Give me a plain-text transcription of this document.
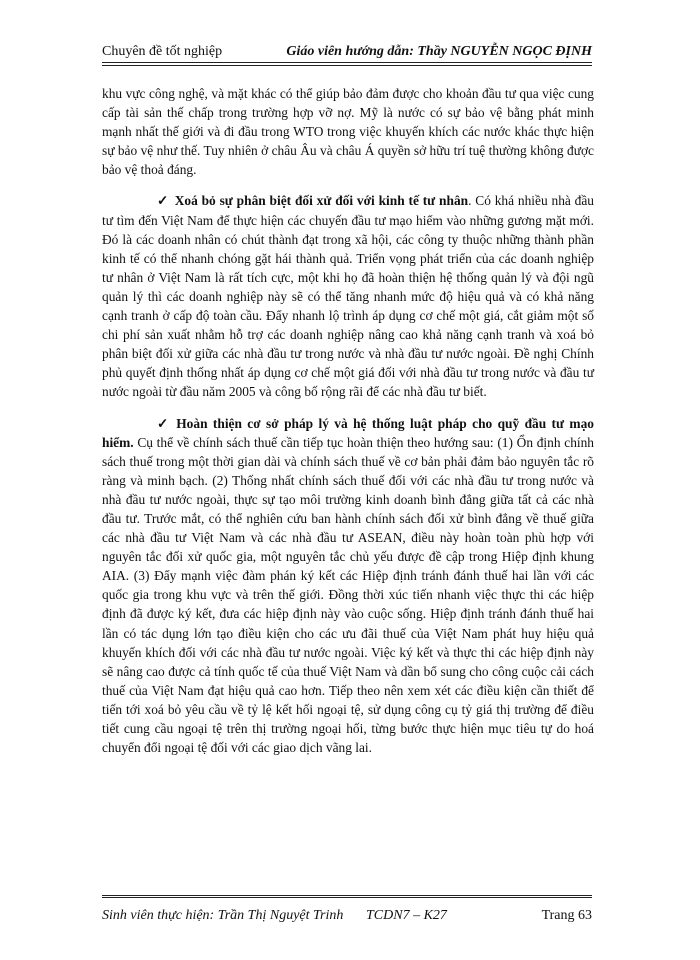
Chuyên đề tốt nghiệp	Giáo viên hướng dẫn: Thầy NGUYỄN NGỌC ĐỊNH

khu vực công nghệ, và mặt khác có thể giúp bảo đảm được cho khoản đầu tư qua việc cung cấp tài sản thế chấp trong trường hợp vỡ nợ. Mỹ là nước có sự bảo vệ bằng phát minh mạnh nhất thế giới và đi đầu trong WTO trong việc khuyến khích các nước khác thực hiện sự bảo vệ như thế. Tuy nhiên ở châu Âu và châu Á quyền sở hữu trí tuệ thường không được bảo vệ thoả đáng.

✓ Xoá bỏ sự phân biệt đối xử đối với kinh tế tư nhân. Có khá nhiều nhà đầu tư tìm đến Việt Nam để thực hiện các chuyến đầu tư mạo hiểm vào những gương mặt mới. Đó là các doanh nhân có chút thành đạt trong xã hội, các công ty thuộc những thành phần kinh tế có thể nhanh chóng gặt hái thành quả. Triển vọng phát triển của các doanh nghiệp tư nhân ở Việt Nam là rất tích cực, một khi họ đã hoàn thiện hệ thống quản lý và đội ngũ quản lý thì các doanh nghiệp này sẽ có thể tăng nhanh mức độ hiệu quả và có khả năng cạnh tranh ở cấp độ toàn cầu. Đẩy nhanh lộ trình áp dụng cơ chế một giá, cắt giảm một số chi phí sản xuất nhằm hỗ trợ các doanh nghiệp nâng cao khả năng cạnh tranh và xoá bỏ phân biệt đối xử giữa các nhà đầu tư trong nước và nhà đầu tư nước ngoài. Đề nghị Chính phủ quyết định thống nhất áp dụng cơ chế một giá đối với nhà đầu tư trong nước và đầu tư nước ngoài từ đầu năm 2005 và công bố rộng rãi để các nhà đầu tư biết.

✓ Hoàn thiện cơ sở pháp lý và hệ thống luật pháp cho quỹ đầu tư mạo hiểm. Cụ thể về chính sách thuế cần tiếp tục hoàn thiện theo hướng sau: (1) Ổn định chính sách thuế trong một thời gian dài và chính sách thuế về cơ bản phải đảm bảo nguyên tắc rõ ràng và minh bạch. (2) Thống nhất chính sách thuế đối với các nhà đầu tư trong nước và nhà đầu tư nước ngoài, thực sự tạo môi trường kinh doanh bình đẳng giữa tất cả các nhà đầu tư. Trước mắt, có thể nghiên cứu ban hành chính sách đối xử bình đẳng về thuế giữa các nhà đầu tư Việt Nam và các nhà đầu tư ASEAN, điều này hoàn toàn phù hợp với nguyên tắc đối xử quốc gia, một nguyên tắc chủ yếu được đề cập trong Hiệp định khung AIA. (3) Đẩy mạnh việc đàm phán ký kết các Hiệp định tránh đánh thuế hai lần với các quốc gia trong khu vực và trên thế giới. Đồng thời xúc tiến nhanh việc thực thi các hiệp định đã được ký kết, đưa các hiệp định này vào cuộc sống. Hiệp định tránh đánh thuế hai lần có tác dụng lớn tạo điều kiện cho các ưu đãi thuế của Việt Nam phát huy hiệu quả khuyến khích đối với các nhà đầu tư nước ngoài. Việc ký kết và thực thi các hiệp định này sẽ nâng cao được cả tính quốc tế của thuế Việt Nam và dần bổ sung cho công cuộc cải cách thuế của Việt Nam đạt hiệu quả cao hơn. Tiếp theo nên xem xét các điều kiện cần thiết để tiến tới xoá bỏ yêu cầu về tỷ lệ kết hối ngoại tệ, sử dụng công cụ tỷ giá thị trường để điều tiết cung cầu ngoại tệ trên thị trường ngoại hối, từng bước thực hiện mục tiêu tự do hoá chuyển đổi ngoại tệ đối với các giao dịch vãng lai.

Sinh viên thực hiện: Trần Thị Nguyệt Trinh TCDN7 – K27	Trang 63
